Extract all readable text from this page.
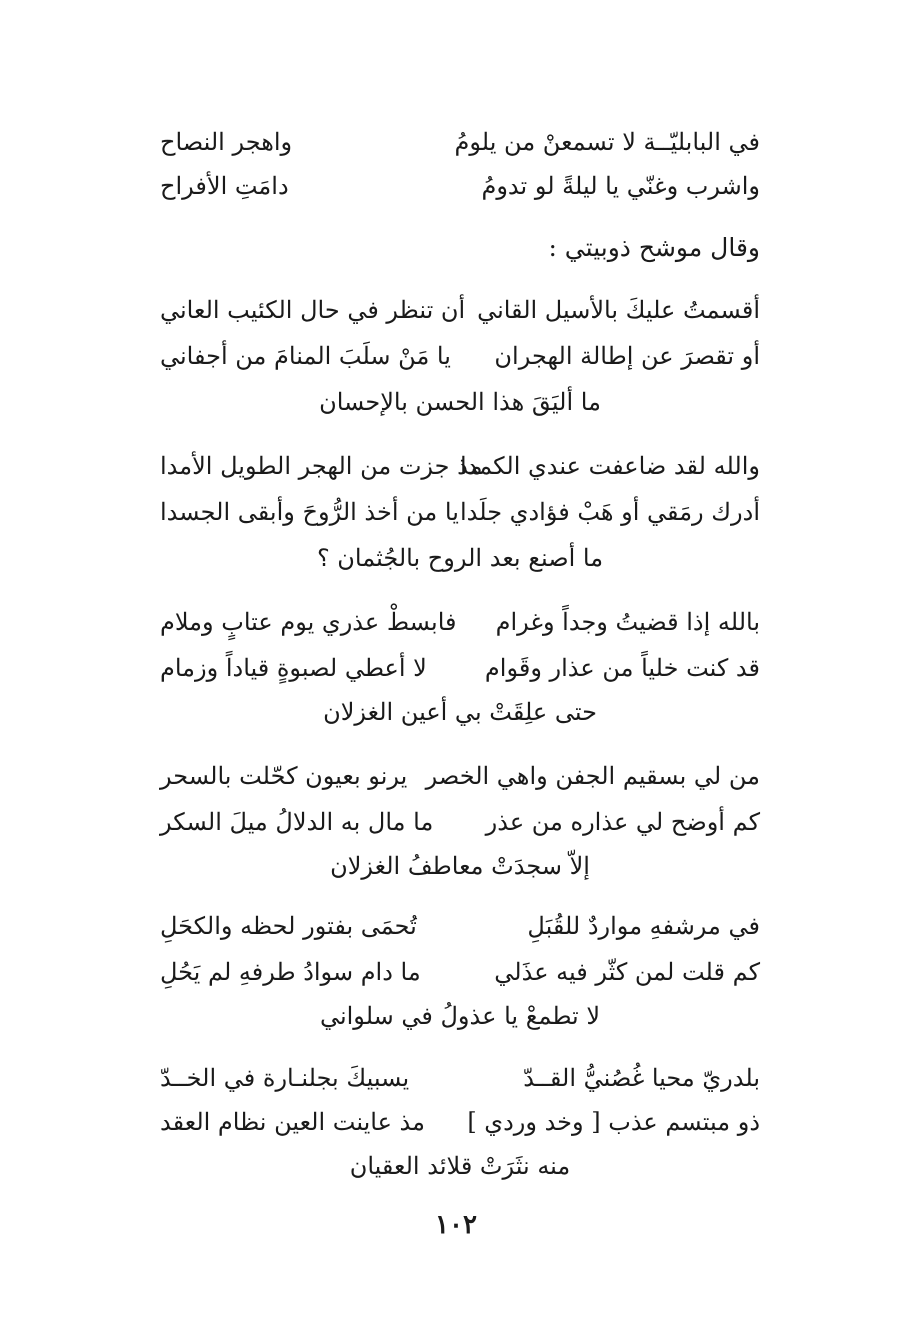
في البابليّــة لا تسمعنْ من يلومُ
واهجر النصاح
واشرب وغنّي يا ليلةً لو تدومُ
دامَتِ الأفراح
وقال موشح ذوبيتي :
أقسمتُ عليكَ بالأسيل القاني
أن تنظر في حال الكئيب العاني
أو تقصرَ عن إطالة الهجران
يا مَنْ سلَبَ المنامَ من أجفاني
ما أليَقَ هذا الحسن بالإحسان
والله لقد ضاعفت عندي الكمدا
مذ جزت من الهجر الطويل الأمدا
أدرك رمَقي أو هَبْ فؤادي جلَدا
يا من أخذ الرُّوحَ وأبقى الجسدا
ما أصنع بعد الروح بالجُثمان ؟
بالله إذا قضيتُ وجداً وغرام
فابسطْ عذري يوم عتابٍ وملام
قد كنت خلياً من عذار وقَوام
لا أعطي لصبوةٍ قياداً وزمام
حتى علِقَتْ بي أعين الغزلان
من لي بسقيم الجفن واهي الخصر
يرنو بعيون كحّلت بالسحر
كم أوضح لي عذاره من عذر
ما مال به الدلالُ ميلَ السكر
إلاّ سجدَتْ معاطفُ الغزلان
في مرشفهِ مواردٌ للقُبَلِ
تُحمَى بفتور لحظه والكحَلِ
كم قلت لمن كثّر فيه عذَلي
ما دام سوادُ طرفهِ لم يَحُلِ
لا تطمعْ يا عذولُ في سلواني
بلدريّ محيا غُصُنيُّ القــدّ
يسبيكَ بجلنـارة في الخــدّ
ذو مبتسم عذب [ وخد وردي ]
مذ عاينت العين نظام العقد
منه نثَرَتْ قلائد العقيان
١٠٢
